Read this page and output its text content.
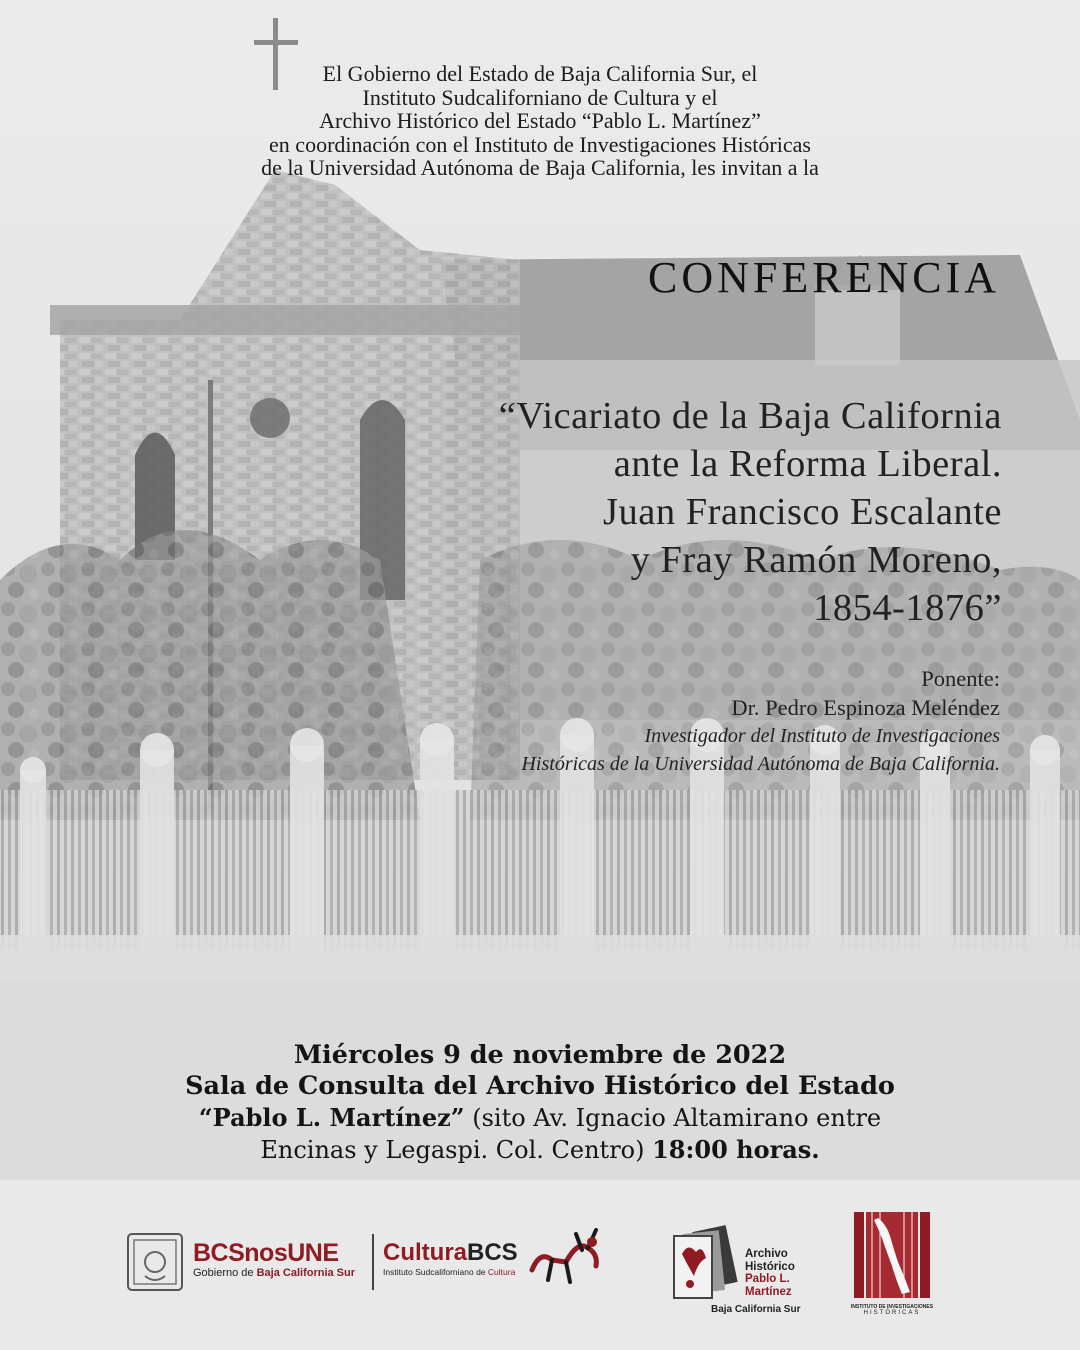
El Gobierno del Estado de Baja California Sur, el
Instituto Sudcaliforniano de Cultura y el
Archivo Histórico del Estado “Pablo L. Martínez”
en coordinación con el Instituto de Investigaciones Históricas
de la Universidad Autónoma de Baja California, les invitan a la
CONFERENCIA
“Vicariato de la Baja California
ante la Reforma Liberal.
Juan Francisco Escalante
y Fray Ramón Moreno,
1854-1876”
Ponente:
Dr. Pedro Espinoza Meléndez
Investigador del Instituto de Investigaciones
Históricas de la Universidad Autónoma de Baja California.
Miércoles 9 de noviembre de 2022
Sala de Consulta del Archivo Histórico del Estado
“Pablo L. Martínez” (sito Av. Ignacio Altamirano entre
Encinas y Legaspi. Col. Centro) 18:00 horas.
BCSnosUNE
Gobierno de Baja California Sur
CulturaBCS
Instituto Sudcaliforniano de Cultura
Archivo
Histórico
Pablo L.
Martínez
Baja California Sur	INSTITUTO DE INVESTIGACIONES
HISTÓRICAS
